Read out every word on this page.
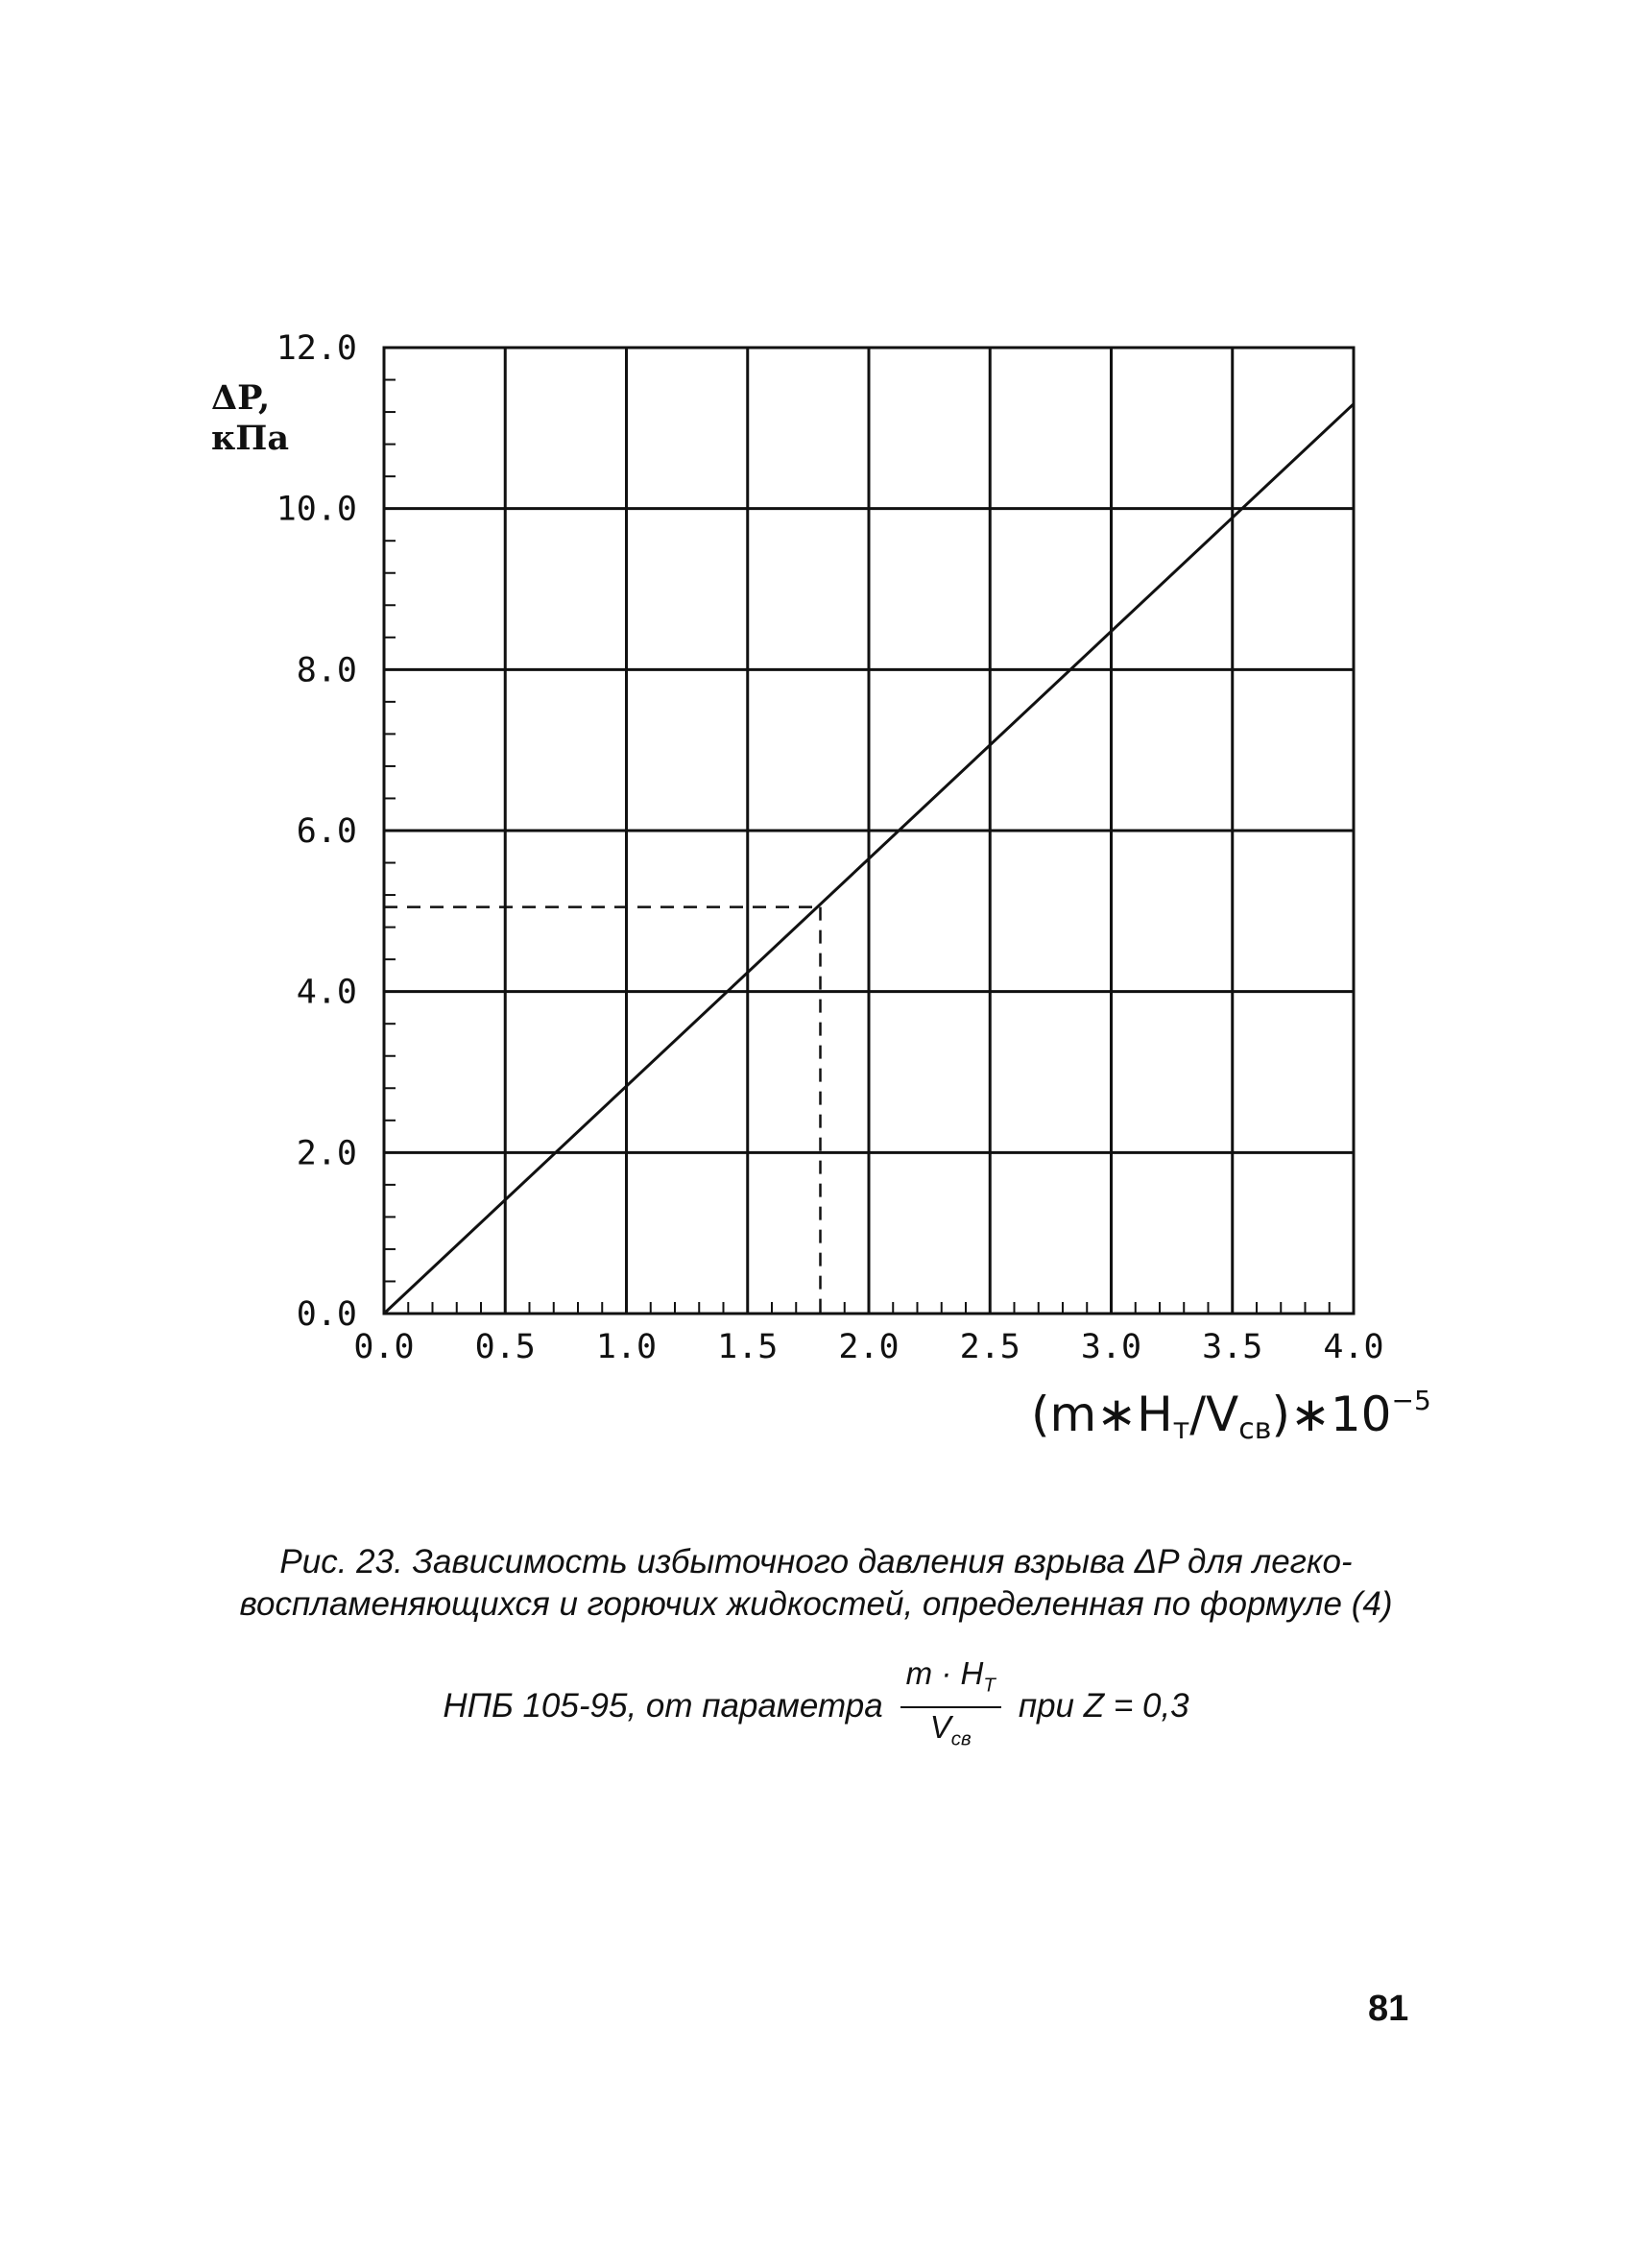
0.0
2.0
4.0
6.0
8.0
10.0
12.0
0.0 0.5 1.0 1.5 2.0 2.5 3.0 3.5 4.0
ΔP,
кПа
$(m∗Hт/Vсв)∗10^{-5}$
Рис. 23. Зависимость избыточного давления взрыва ΔP для легко-
воспламеняющихся и горючих жидкостей, определенная по формуле (4)
НПБ 105-95, от параметра $\frac{m \cdot H_T}{V_{св}}$ при Z = 0,3
81
